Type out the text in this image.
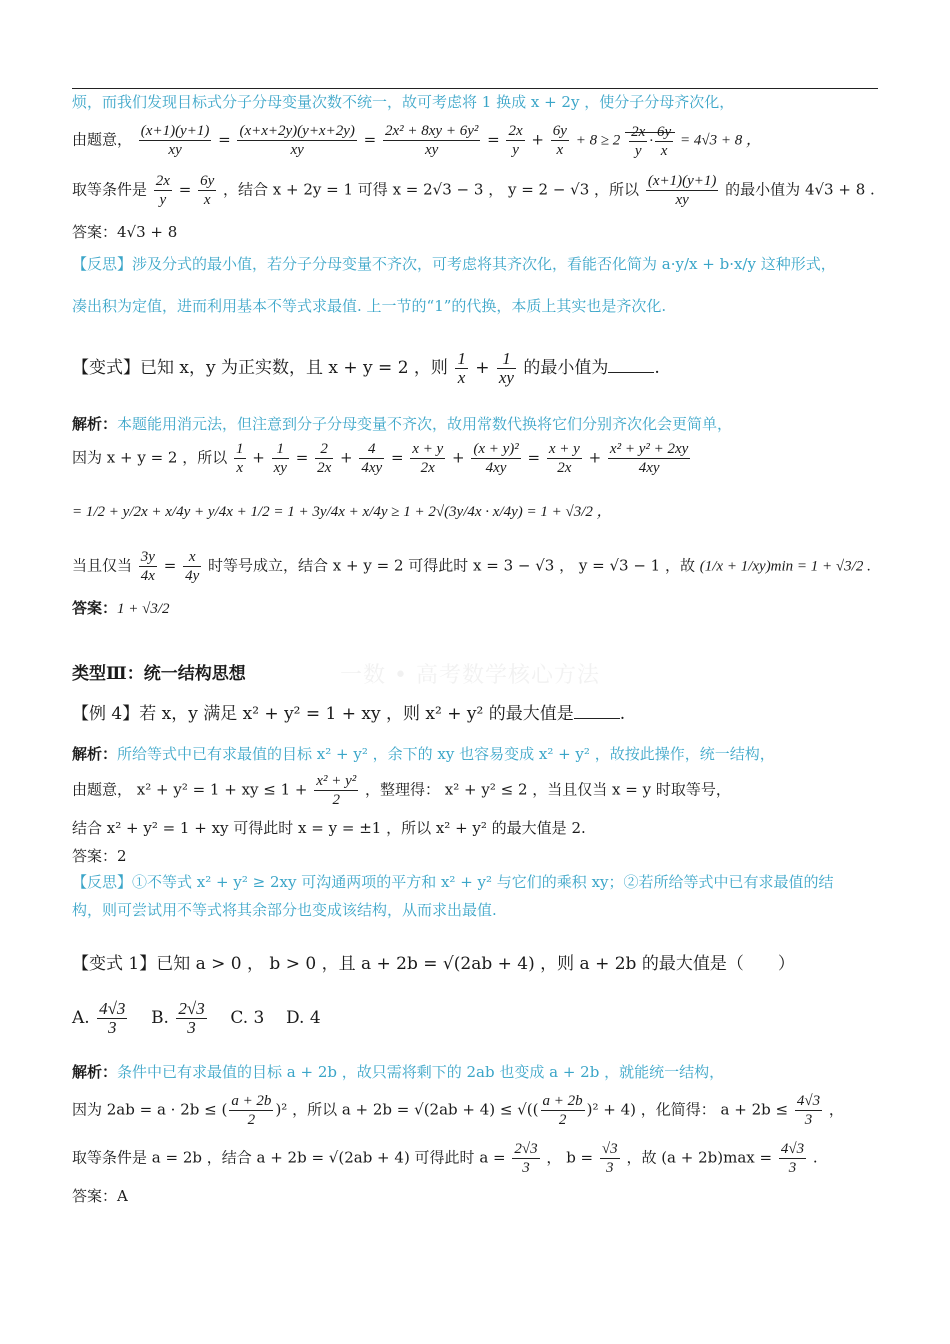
烦，而我们发现目标式分子分母变量次数不统一，故可考虑将 1 换成 x + 2y ，使分子分母齐次化，
由题意， $\frac{(x+1)(y+1)}{xy} = \frac{(x+x+2y)(y+x+2y)}{xy} = \frac{\text{2x² + 8xy + 6y²}}{xy} = \frac{2x}{y} + \frac{6y}{x} + 8 \ge 2 \frac{2x}{y} \cdot \frac{6y}{x} = 4√3 + 8$ ，
取等条件是 $\frac{2x}{y} = \frac{6y}{x}$ ，结合 x + 2y = 1 可得 x = 2√3 − 3 ， y = 2 − √3 ，所以 $\frac{(x+1)(y+1)}{xy}$ 的最小值为 4√3 + 8 .
答案：4√3 + 8
【反思】涉及分式的最小值，若分子分母变量不齐次，可考虑将其齐次化，看能否化简为 a·y/x + b·x/y 这种形式，
凑出积为定值，进而利用基本不等式求最值. 上一节的“1”的代换，本质上其实也是齐次化.
【变式】已知 x，y 为正实数，且 x + y = 2 ，则 $\frac{1}{x} + \frac{1}{xy}$ 的最小值为	.
解析：本题能用消元法，但注意到分子分母变量不齐次，故用常数代换将它们分别齐次化会更简单，
因为 x + y = 2 ，所以 $\frac{1}{x} + \frac{1}{xy} = \frac{2}{2x} + \frac{4}{4xy} = \frac{x + y}{2x} + \frac{\text{(x + y)²}}{4xy} = \frac{x + y}{2x} + \frac{\text{x² + y² + 2xy}}{4xy}$
= 1/2 + y/2x + x/4y + y/4x + 1/2 = 1 + 3y/4x + x/4y ≥ 1 + 2√(3y/4x · x/4y) = 1 + √3/2 ，
当且仅当 $\frac{3y}{4x} = \frac{x}{4y}$ 时等号成立，结合 x + y = 2 可得此时 x = 3 − √3 ， y = √3 − 1 ，故 (1/x + 1/xy)min = 1 + √3/2 .
答案：1 + √3/2
类型Ⅲ：统一结构思想	一数 • 高考数学核心方法
【例 4】若 x，y 满足 x² + y² = 1 + xy ，则 x² + y² 的最大值是	.
解析：所给等式中已有求最值的目标 x² + y² ，余下的 xy 也容易变成 x² + y² ，故按此操作，统一结构，
由题意， x² + y² = 1 + xy ≤ $1 + \frac{\text{x² + y²}}{2}$ ，整理得： x² + y² ≤ 2 ，当且仅当 x = y 时取等号，
结合 x² + y² = 1 + xy 可得此时 x = y = ±1 ，所以 x² + y² 的最大值是 2.
答案：2
【反思】①不等式 x² + y² ≥ 2xy 可沟通两项的平方和 x² + y² 与它们的乘积 xy；②若所给等式中已有求最值的结
构，则可尝试用不等式将其余部分也变成该结构，从而求出最值.
【变式 1】已知 a > 0 ， b > 0 ，且 a + 2b = √(2ab + 4) ，则 a + 2b 的最大值是（　　）
A. $\frac{4√3}{3} B$. $\frac{2√3}{3} C$. 3 D. 4
解析：条件中已有求最值的目标 a + 2b ，故只需将剩下的 2ab 也变成 a + 2b ，就能统一结构，
因为 2ab = a · 2b ≤ ( $\frac{a + 2b}{2} )^2$ ，所以 a + 2b = √(2ab + 4) ≤ √(( $\frac{a + 2b}{2} )^2 + 4$) ，化简得： $a + 2b \le \frac{4√3}{3}$ ，
取等条件是 a = 2b ，结合 a + 2b = √(2ab + 4) 可得此时 $a = \frac{2√3}{3}$ ， $b = \frac{√3}{3}$ ，故 $(a + 2b)\max = \frac{4√3}{3}$ .
答案：A
